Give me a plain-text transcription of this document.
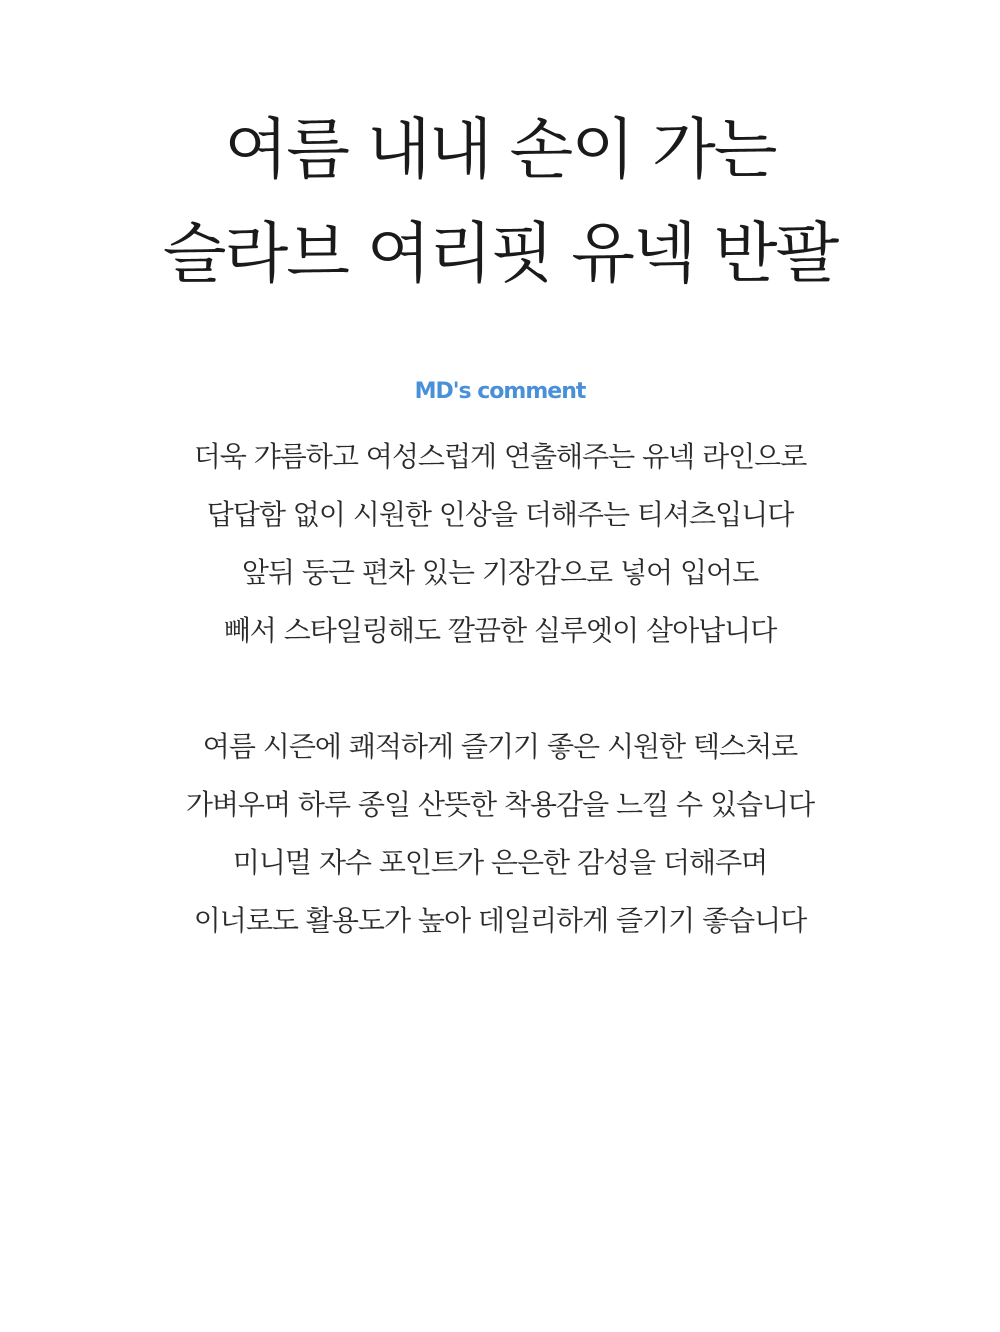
여름 내내 손이 가는
슬라브 여리핏 유넥 반팔
MD's comment
더욱 갸름하고 여성스럽게 연출해주는 유넥 라인으로
답답함 없이 시원한 인상을 더해주는 티셔츠입니다
앞뒤 둥근 편차 있는 기장감으로 넣어 입어도
빼서 스타일링해도 깔끔한 실루엣이 살아납니다
여름 시즌에 쾌적하게 즐기기 좋은 시원한 텍스처로
가벼우며 하루 종일 산뜻한 착용감을 느낄 수 있습니다
미니멀 자수 포인트가 은은한 감성을 더해주며
이너로도 활용도가 높아 데일리하게 즐기기 좋습니다
